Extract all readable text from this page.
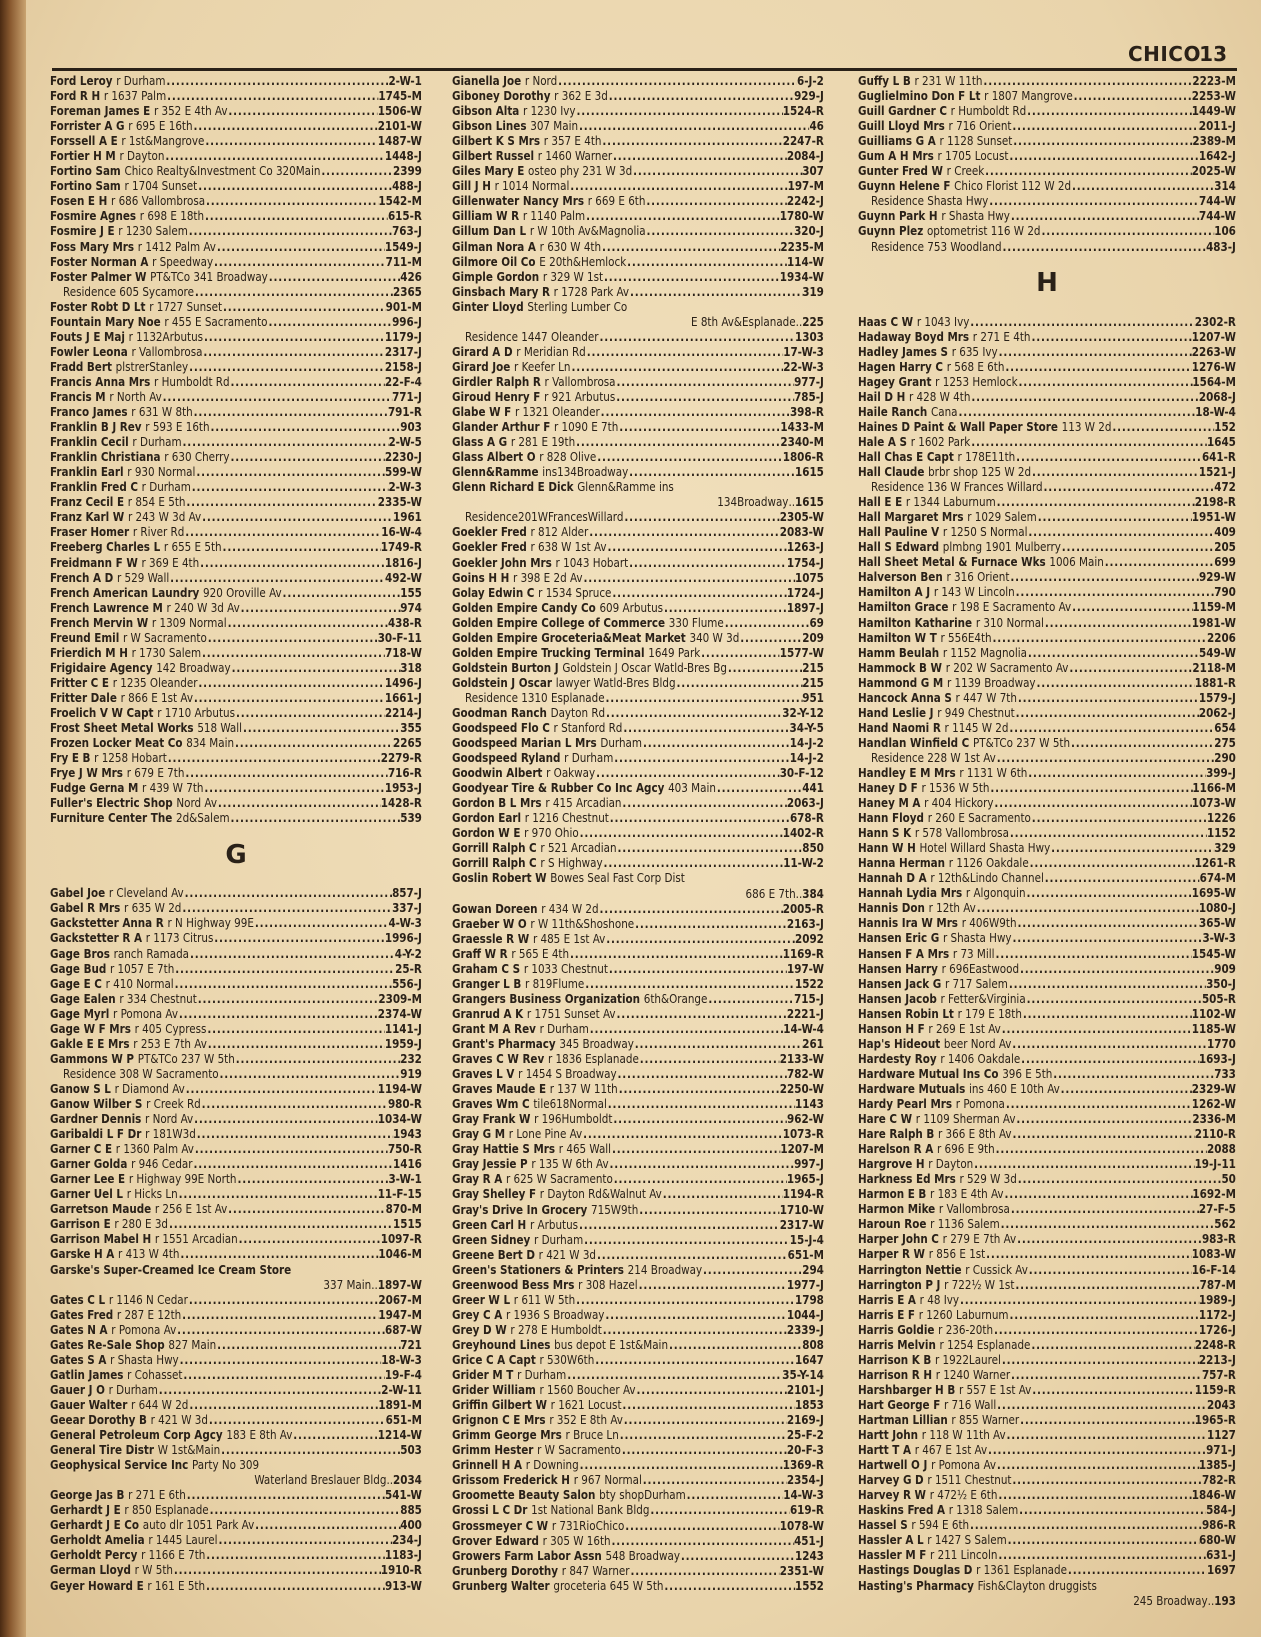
CHICO
13
Ford Leroy r Durham . . .	2-W-1
Ford R H r 1637 Palm . . .	1745-M
Foreman James E r 352 E 4th Av . . .	1506-W
Forrister A G r 695 E 16th . . .	2101-W
Forssell A E r 1st&Mangrove . . .	1487-W
Fortier H M r Dayton . . .	1448-J
Fortino Sam Chico Realty&Investment Co 320Main . . .	2399
Fortino Sam r 1704 Sunset . . .	488-J
Fosen E H r 686 Vallombrosa . . .	1542-M
Fosmire Agnes r 698 E 18th . . .	615-R
Fosmire J E r 1230 Salem . . .	763-J
Foss Mary Mrs r 1412 Palm Av . . .	1549-J
Foster Norman A r Speedway . . .	711-M
Foster Palmer W PT&TCo 341 Broadway . . .	426
Residence 605 Sycamore . . .	2365
Foster Robt D Lt r 1727 Sunset . . .	901-M
Fountain Mary Noe r 455 E Sacramento . . .	996-J
Fouts J E Maj r 1132Arbutus . . .	1179-J
Fowler Leona r Vallombrosa . . .	2317-J
Fradd Bert plstrerStanley . . .	2158-J
Francis Anna Mrs r Humboldt Rd . . .	22-F-4
Francis M r North Av . . .	771-J
Franco James r 631 W 8th . . .	791-R
Franklin B J Rev r 593 E 16th . . .	903
Franklin Cecil r Durham . . .	2-W-5
Franklin Christiana r 630 Cherry . . .	2230-J
Franklin Earl r 930 Normal . . .	599-W
Franklin Fred C r Durham . . .	2-W-3
Franz Cecil E r 854 E 5th . . .	2335-W
Franz Karl W r 243 W 3d Av . . .	1961
Fraser Homer r River Rd . . .	16-W-4
Freeberg Charles L r 655 E 5th . . .	1749-R
Freidmann F W r 369 E 4th . . .	1816-J
French A D r 529 Wall . . .	492-W
French American Laundry 920 Oroville Av . . .	155
French Lawrence M r 240 W 3d Av . . .	974
French Mervin W r 1309 Normal . . .	438-R
Freund Emil r W Sacramento . . .	30-F-11
Frierdich M H r 1730 Salem . . .	718-W
Frigidaire Agency 142 Broadway . . .	318
Fritter C E r 1235 Oleander . . .	1496-J
Fritter Dale r 866 E 1st Av . . .	1661-J
Froelich V W Capt r 1710 Arbutus . . .	2214-J
Frost Sheet Metal Works 518 Wall . . .	355
Frozen Locker Meat Co 834 Main . . .	2265
Fry E B r 1258 Hobart . . .	2279-R
Frye J W Mrs r 679 E 7th . . .	716-R
Fudge Gerna M r 439 W 7th . . .	1953-J
Fuller's Electric Shop Nord Av . . .	1428-R
Furniture Center The 2d&Salem . . .	539
G
Gabel Joe r Cleveland Av . . .	857-J
Gabel R Mrs r 635 W 2d . . .	337-J
Gackstetter Anna R r N Highway 99E . . .	4-W-3
Gackstetter R A r 1173 Citrus . . .	1996-J
Gage Bros ranch Ramada . . .	4-Y-2
Gage Bud r 1057 E 7th . . .	25-R
Gage E C r 410 Normal . . .	556-J
Gage Ealen r 334 Chestnut . . .	2309-M
Gage Myrl r Pomona Av . . .	2374-W
Gage W F Mrs r 405 Cypress . . .	1141-J
Gakle E E Mrs r 253 E 7th Av . . .	1959-J
Gammons W P PT&TCo 237 W 5th . . .	232
Residence 308 W Sacramento . . .	919
Ganow S L r Diamond Av . . .	1194-W
Ganow Wilber S r Creek Rd . . .	980-R
Gardner Dennis r Nord Av . . .	1034-W
Garibaldi L F Dr r 181W3d . . .	1943
Garner C E r 1360 Palm Av . . .	750-R
Garner Golda r 946 Cedar . . .	1416
Garner Lee E r Highway 99E North . . .	3-W-1
Garner Uel L r Hicks Ln . . .	11-F-15
Garretson Maude r 256 E 1st Av . . .	870-M
Garrison E r 280 E 3d . . .	1515
Garrison Mabel H r 1551 Arcadian . . .	1097-R
Garske H A r 413 W 4th . . .	1046-M
Garske's Super-Creamed Ice Cream Store
337 Main .. 1897-W
Gates C L r 1146 N Cedar . . .	2067-M
Gates Fred r 287 E 12th . . .	1947-M
Gates N A r Pomona Av . . .	687-W
Gates Re-Sale Shop 827 Main . . .	721
Gates S A r Shasta Hwy . . .	18-W-3
Gatlin James r Cohasset . . .	19-F-4
Gauer J O r Durham . . .	2-W-11
Gauer Walter r 644 W 2d . . .	1891-M
Geear Dorothy B r 421 W 3d . . .	651-M
General Petroleum Corp Agcy 183 E 8th Av . . .	1214-W
General Tire Distr W 1st&Main . . .	503
Geophysical Service Inc Party No 309
Waterland Breslauer Bldg .. 2034
George Jas B r 271 E 6th . . .	541-W
Gerhardt J E r 850 Esplanade . . .	885
Gerhardt J E Co auto dlr 1051 Park Av . . .	400
Gerholdt Amelia r 1445 Laurel . . .	234-J
Gerholdt Percy r 1166 E 7th . . .	1183-J
German Lloyd r W 5th . . .	1910-R
Geyer Howard E r 161 E 5th . . .	913-W
Gianella Joe r Nord . . .	6-J-2
Giboney Dorothy r 362 E 3d . . .	929-J
Gibson Alta r 1230 Ivy . . .	1524-R
Gibson Lines 307 Main . . .	46
Gilbert K S Mrs r 357 E 4th . . .	2247-R
Gilbert Russel r 1460 Warner . . .	2084-J
Giles Mary E osteo phy 231 W 3d . . .	307
Gill J H r 1014 Normal . . .	197-M
Gillenwater Nancy Mrs r 669 E 6th . . .	2242-J
Gilliam W R r 1140 Palm . . .	1780-W
Gillum Dan L r W 10th Av&Magnolia . . .	320-J
Gilman Nora A r 630 W 4th . . .	2235-M
Gilmore Oil Co E 20th&Hemlock . . .	114-W
Gimple Gordon r 329 W 1st . . .	1934-W
Ginsbach Mary R r 1728 Park Av . . .	319
Ginter Lloyd Sterling Lumber Co
E 8th Av&Esplanade .. 225
Residence 1447 Oleander . . .	1303
Girard A D r Meridian Rd . . .	17-W-3
Girard Joe r Keefer Ln . . .	22-W-3
Girdler Ralph R r Vallombrosa . . .	977-J
Giroud Henry F r 921 Arbutus . . .	785-J
Glabe W F r 1321 Oleander . . .	398-R
Glander Arthur F r 1090 E 7th . . .	1433-M
Glass A G r 281 E 19th . . .	2340-M
Glass Albert O r 828 Olive . . .	1806-R
Glenn&Ramme ins134Broadway . . .	1615
Glenn Richard E Dick Glenn&Ramme ins
134Broadway .. 1615
Residence201WFrancesWillard . . .	2305-W
Goekler Fred r 812 Alder . . .	2083-W
Goekler Fred r 638 W 1st Av . . .	1263-J
Goekler John Mrs r 1043 Hobart . . .	1754-J
Goins H H r 398 E 2d Av . . .	1075
Golay Edwin C r 1534 Spruce . . .	1724-J
Golden Empire Candy Co 609 Arbutus . . .	1897-J
Golden Empire College of Commerce 330 Flume . . .	69
Golden Empire Groceteria&Meat Market 340 W 3d . . .	209
Golden Empire Trucking Terminal 1649 Park . . .	1577-W
Goldstein Burton J Goldstein J Oscar Watld-Bres Bg . . .	215
Goldstein J Oscar lawyer Watld-Bres Bldg . . .	215
Residence 1310 Esplanade . . .	951
Goodman Ranch Dayton Rd . . .	32-Y-12
Goodspeed Flo C r Stanford Rd . . .	34-Y-5
Goodspeed Marian L Mrs Durham . . .	14-J-2
Goodspeed Ryland r Durham . . .	14-J-2
Goodwin Albert r Oakway . . .	30-F-12
Goodyear Tire & Rubber Co Inc Agcy 403 Main . . .	441
Gordon B L Mrs r 415 Arcadian . . .	2063-J
Gordon Earl r 1216 Chestnut . . .	678-R
Gordon W E r 970 Ohio . . .	1402-R
Gorrill Ralph C r 521 Arcadian . . .	850
Gorrill Ralph C r S Highway . . .	11-W-2
Goslin Robert W Bowes Seal Fast Corp Dist
686 E 7th .. 384
Gowan Doreen r 434 W 2d . . .	2005-R
Graeber W O r W 11th&Shoshone . . .	2163-J
Graessle R W r 485 E 1st Av . . .	2092
Graff W R r 565 E 4th . . .	1169-R
Graham C S r 1033 Chestnut . . .	197-W
Granger L B r 819Flume . . .	1522
Grangers Business Organization 6th&Orange . . .	715-J
Granrud A K r 1751 Sunset Av . . .	2221-J
Grant M A Rev r Durham . . .	14-W-4
Grant's Pharmacy 345 Broadway . . .	261
Graves C W Rev r 1836 Esplanade . . .	2133-W
Graves L V r 1454 S Broadway . . .	782-W
Graves Maude E r 137 W 11th . . .	2250-W
Graves Wm C tile618Normal . . .	1143
Gray Frank W r 196Humboldt . . .	962-W
Gray G M r Lone Pine Av . . .	1073-R
Gray Hattie S Mrs r 465 Wall . . .	1207-M
Gray Jessie P r 135 W 6th Av . . .	997-J
Gray R A r 625 W Sacramento . . .	1965-J
Gray Shelley F r Dayton Rd&Walnut Av . . .	1194-R
Gray's Drive In Grocery 715W9th . . .	1710-W
Green Carl H r Arbutus . . .	2317-W
Green Sidney r Durham . . .	15-J-4
Greene Bert D r 421 W 3d . . .	651-M
Green's Stationers & Printers 214 Broadway . . .	294
Greenwood Bess Mrs r 308 Hazel . . .	1977-J
Greer W L r 611 W 5th . . .	1798
Grey C A r 1936 S Broadway . . .	1044-J
Grey D W r 278 E Humboldt . . .	2339-J
Greyhound Lines bus depot E 1st&Main . . .	808
Grice C A Capt r 530W6th . . .	1647
Grider M T r Durham . . .	35-Y-14
Grider William r 1560 Boucher Av . . .	2101-J
Griffin Gilbert W r 1621 Locust . . .	1853
Grignon C E Mrs r 352 E 8th Av . . .	2169-J
Grimm George Mrs r Bruce Ln . . .	25-F-2
Grimm Hester r W Sacramento . . .	20-F-3
Grinnell H A r Downing . . .	1369-R
Grissom Frederick H r 967 Normal . . .	2354-J
Groomette Beauty Salon bty shopDurham . . .	14-W-3
Grossi L C Dr 1st National Bank Bldg . . .	619-R
Grossmeyer C W r 731RioChico . . .	1078-W
Grover Edward r 305 W 16th . . .	451-J
Growers Farm Labor Assn 548 Broadway . . .	1243
Grunberg Dorothy r 847 Warner . . .	2351-W
Grunberg Walter groceteria 645 W 5th . . .	1552
Guffy L B r 231 W 11th . . .	2223-M
Guglielmino Don F Lt r 1807 Mangrove . . .	2253-W
Guill Gardner C r Humboldt Rd . . .	1449-W
Guill Lloyd Mrs r 716 Orient . . .	2011-J
Guilliams G A r 1128 Sunset . . .	2389-M
Gum A H Mrs r 1705 Locust . . .	1642-J
Gunter Fred W r Creek . . .	2025-W
Guynn Helene F Chico Florist 112 W 2d . . .	314
Residence Shasta Hwy . . .	744-W
Guynn Park H r Shasta Hwy . . .	744-W
Guynn Plez optometrist 116 W 2d . . .	106
Residence 753 Woodland . . .	483-J
H
Haas C W r 1043 Ivy . . .	2302-R
Hadaway Boyd Mrs r 271 E 4th . . .	1207-W
Hadley James S r 635 Ivy . . .	2263-W
Hagen Harry C r 568 E 6th . . .	1276-W
Hagey Grant r 1253 Hemlock . . .	1564-M
Hail D H r 428 W 4th . . .	2068-J
Haile Ranch Cana . . .	18-W-4
Haines D Paint & Wall Paper Store 113 W 2d . . .	152
Hale A S r 1602 Park . . .	1645
Hall Chas E Capt r 178E11th . . .	641-R
Hall Claude brbr shop 125 W 2d . . .	1521-J
Residence 136 W Frances Willard . . .	472
Hall E E r 1344 Laburnum . . .	2198-R
Hall Margaret Mrs r 1029 Salem . . .	1951-W
Hall Pauline V r 1250 S Normal . . .	409
Hall S Edward plmbng 1901 Mulberry . . .	205
Hall Sheet Metal & Furnace Wks 1006 Main . . .	699
Halverson Ben r 316 Orient . . .	929-W
Hamilton A J r 143 W Lincoln . . .	790
Hamilton Grace r 198 E Sacramento Av . . .	1159-M
Hamilton Katharine r 310 Normal . . .	1981-W
Hamilton W T r 556E4th . . .	2206
Hamm Beulah r 1152 Magnolia . . .	549-W
Hammock B W r 202 W Sacramento Av . . .	2118-M
Hammond G M r 1139 Broadway . . .	1881-R
Hancock Anna S r 447 W 7th . . .	1579-J
Hand Leslie J r 949 Chestnut . . .	2062-J
Hand Naomi R r 1145 W 2d . . .	654
Handlan Winfield C PT&TCo 237 W 5th . . .	275
Residence 228 W 1st Av . . .	290
Handley E M Mrs r 1131 W 6th . . .	399-J
Haney D F r 1536 W 5th . . .	1166-M
Haney M A r 404 Hickory . . .	1073-W
Hann Floyd r 260 E Sacramento . . .	1226
Hann S K r 578 Vallombrosa . . .	1152
Hann W H Hotel Willard Shasta Hwy . . .	329
Hanna Herman r 1126 Oakdale . . .	1261-R
Hannah D A r 12th&Lindo Channel . . .	674-M
Hannah Lydia Mrs r Algonquin . . .	1695-W
Hannis Don r 12th Av . . .	1080-J
Hannis Ira W Mrs r 406W9th . . .	365-W
Hansen Eric G r Shasta Hwy . . .	3-W-3
Hansen F A Mrs r 73 Mill . . .	1545-W
Hansen Harry r 696Eastwood . . .	909
Hansen Jack G r 717 Salem . . .	350-J
Hansen Jacob r Fetter&Virginia . . .	505-R
Hansen Robin Lt r 179 E 18th . . .	1102-W
Hanson H F r 269 E 1st Av . . .	1185-W
Hap's Hideout beer Nord Av . . .	1770
Hardesty Roy r 1406 Oakdale . . .	1693-J
Hardware Mutual Ins Co 396 E 5th . . .	733
Hardware Mutuals ins 460 E 10th Av . . .	2329-W
Hardy Pearl Mrs r Pomona . . .	1262-W
Hare C W r 1109 Sherman Av . . .	2336-M
Hare Ralph B r 366 E 8th Av . . .	2110-R
Harelson R A r 696 E 9th . . .	2088
Hargrove H r Dayton . . .	19-J-11
Harkness Ed Mrs r 529 W 3d . . .	50
Harmon E B r 183 E 4th Av . . .	1692-M
Harmon Mike r Vallombrosa . . .	27-F-5
Haroun Roe r 1136 Salem . . .	562
Harper John C r 279 E 7th Av . . .	983-R
Harper R W r 856 E 1st . . .	1083-W
Harrington Nettie r Cussick Av . . .	16-F-14
Harrington P J r 722½ W 1st . . .	787-M
Harris E A r 48 Ivy . . .	1989-J
Harris E F r 1260 Laburnum . . .	1172-J
Harris Goldie r 236-20th . . .	1726-J
Harris Melvin r 1254 Esplanade . . .	2248-R
Harrison K B r 1922Laurel . . .	2213-J
Harrison R H r 1240 Warner . . .	757-R
Harshbarger H B r 557 E 1st Av . . .	1159-R
Hart George F r 716 Wall . . .	2043
Hartman Lillian r 855 Warner . . .	1965-R
Hartt John r 118 W 11th Av . . .	1127
Hartt T A r 467 E 1st Av . . .	971-J
Hartwell O J r Pomona Av . . .	1385-J
Harvey G D r 1511 Chestnut . . .	782-R
Harvey R W r 472½ E 6th . . .	1846-W
Haskins Fred A r 1318 Salem . . .	584-J
Hassel S r 594 E 6th . . .	986-R
Hassler A L r 1427 S Salem . . .	680-W
Hassler M F r 211 Lincoln . . .	631-J
Hastings Douglas D r 1361 Esplanade . . .	1697
Hasting's Pharmacy Fish&Clayton druggists
245 Broadway .. 193
